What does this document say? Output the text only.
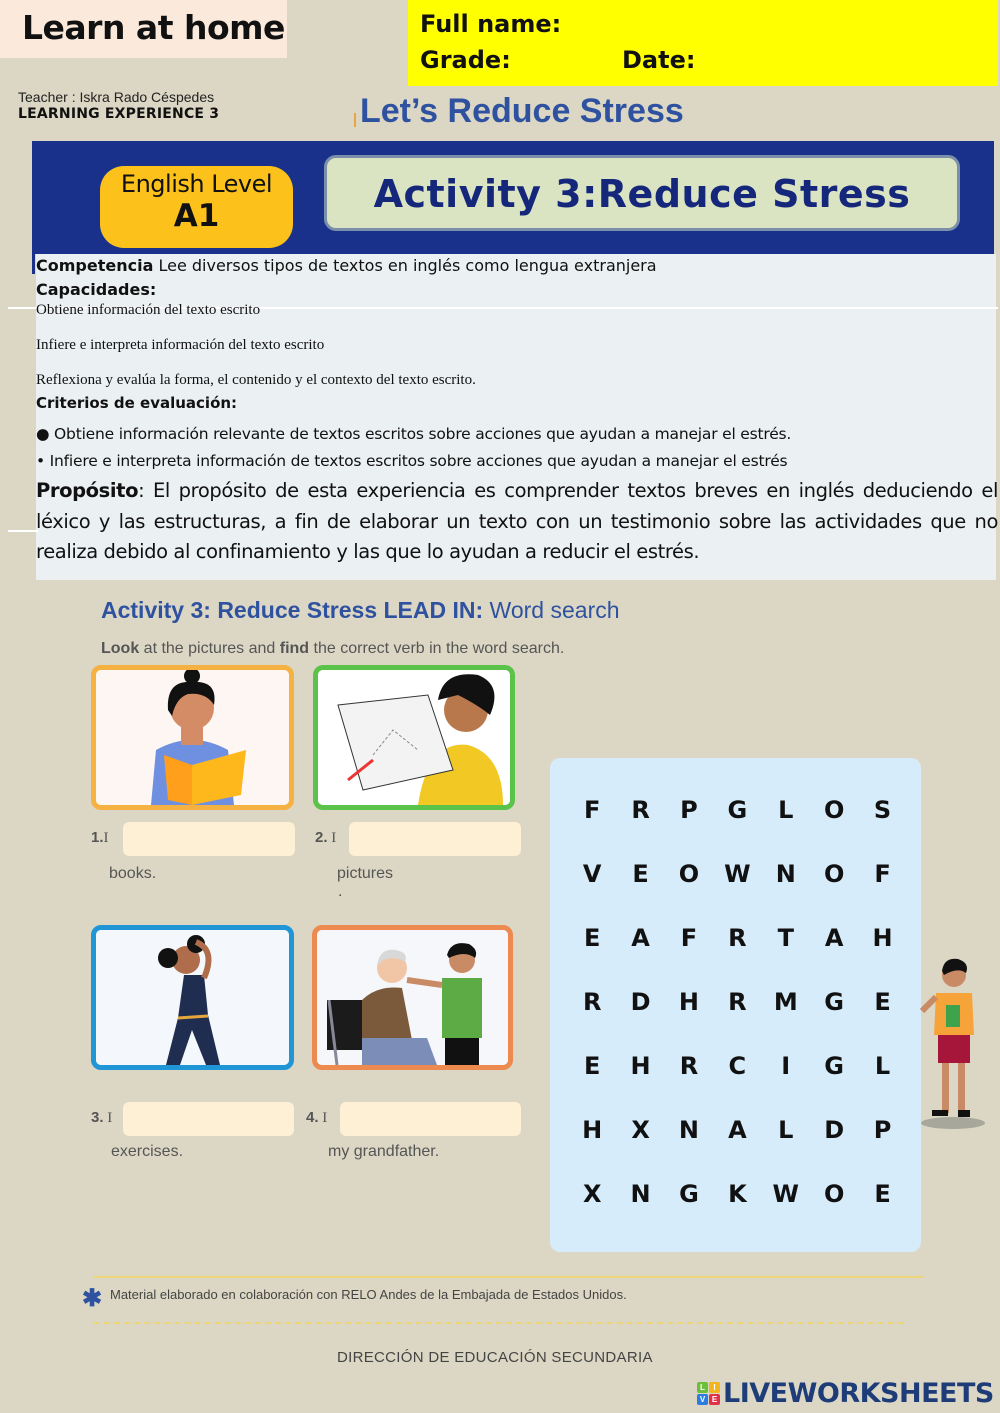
Learn at home	Full name:
Grade:	Date:
Teacher : Iskra Rado Céspedes
LEARNING EXPERIENCE 3	Let’s Reduce Stress
English Level
A1	Activity 3:Reduce Stress
Competencia Lee diversos tipos de textos en inglés como lengua extranjera
Capacidades:
Obtiene información del texto escrito
Infiere e interpreta información del texto escrito
Reflexiona y evalúa la forma, el contenido y el contexto del texto escrito.
Criterios de evaluación:
● Obtiene información relevante de textos escritos sobre acciones que ayudan a manejar el estrés.
• Infiere e interpreta información de textos escritos sobre acciones que ayudan a manejar el estrés
Propósito: El propósito de esta experiencia es comprender textos breves en inglés deduciendo el léxico y las estructuras, a fin de elaborar un texto con un testimonio sobre las actividades que no realiza debido al confinamiento y las que lo ayudan a reducir el estrés.
Activity 3: Reduce Stress LEAD IN: Word search
Look at the pictures and find the correct verb in the word search.
1.I
books.
2. I
pictures
.
3. I
exercises.
4. I
my grandfather.
F	R	P	G	L	O	S
V	E	O	W	N	O	F
E	A	F	R	T	A	H
R	D	H	R	M	G	E
E	H	R	C	I	G	L
H	X	N	A	L	D	P
X	N	G	K	W	O	E
✱ Material elaborado en colaboración con RELO Andes de la Embajada de Estados Unidos.
DIRECCIÓN DE EDUCACIÓN SECUNDARIA
L	I
V E LIVEWORKSHEETS
